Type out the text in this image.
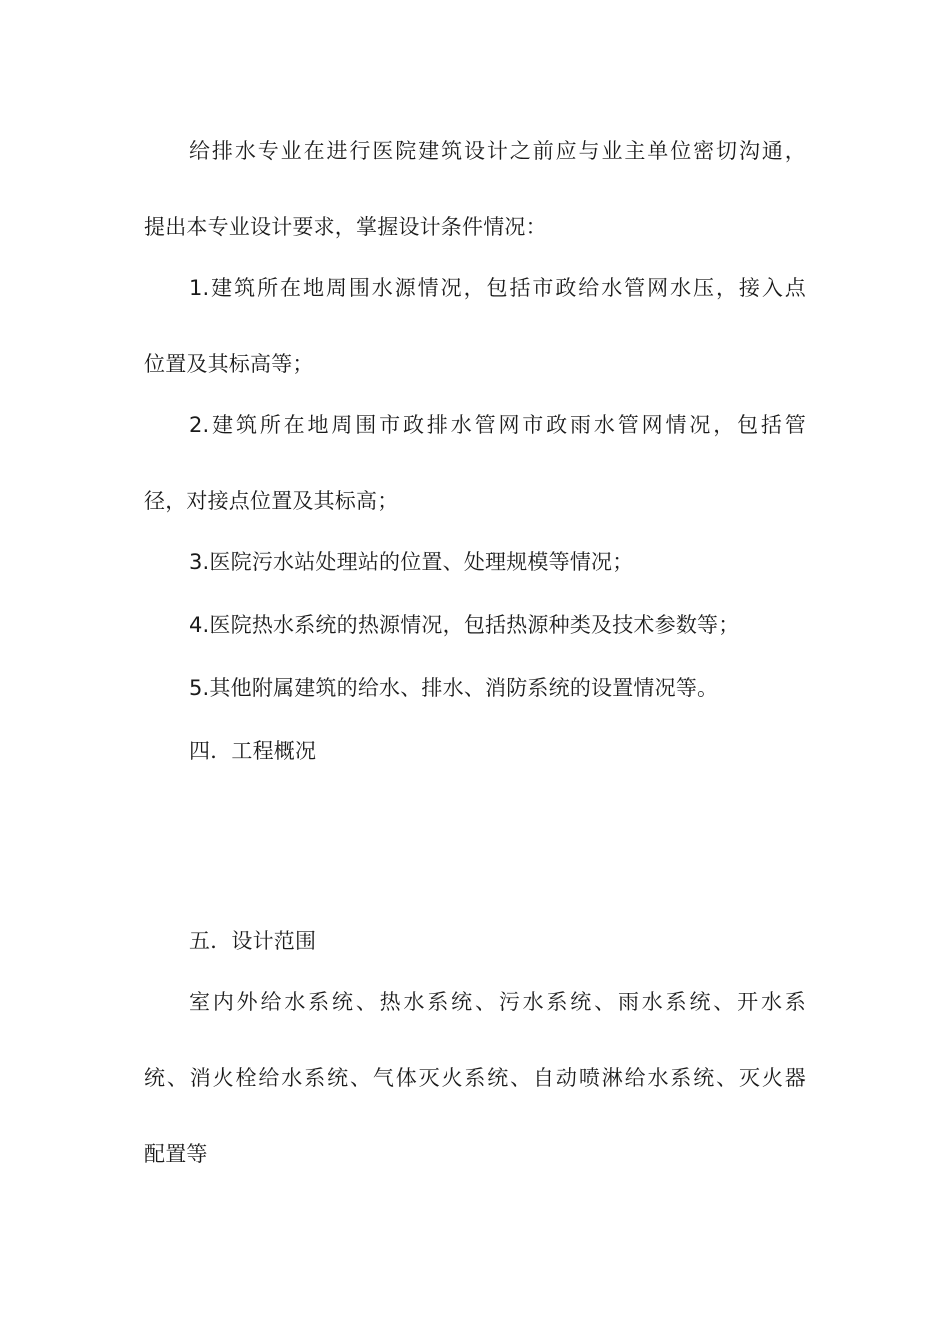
给排水专业在进行医院建筑设计之前应与业主单位密切沟通，
提出本专业设计要求，掌握设计条件情况：
1.建筑所在地周围水源情况，包括市政给水管网水压，接入点
位置及其标高等；
2.建筑所在地周围市政排水管网市政雨水管网情况，包括管
径，对接点位置及其标高；
3.医院污水站处理站的位置、处理规模等情况；
4.医院热水系统的热源情况，包括热源种类及技术参数等；
5.其他附属建筑的给水、排水、消防系统的设置情况等。
四．工程概况
五．设计范围
室内外给水系统、热水系统、污水系统、雨水系统、开水系
统、消火栓给水系统、气体灭火系统、自动喷淋给水系统、灭火器
配置等
